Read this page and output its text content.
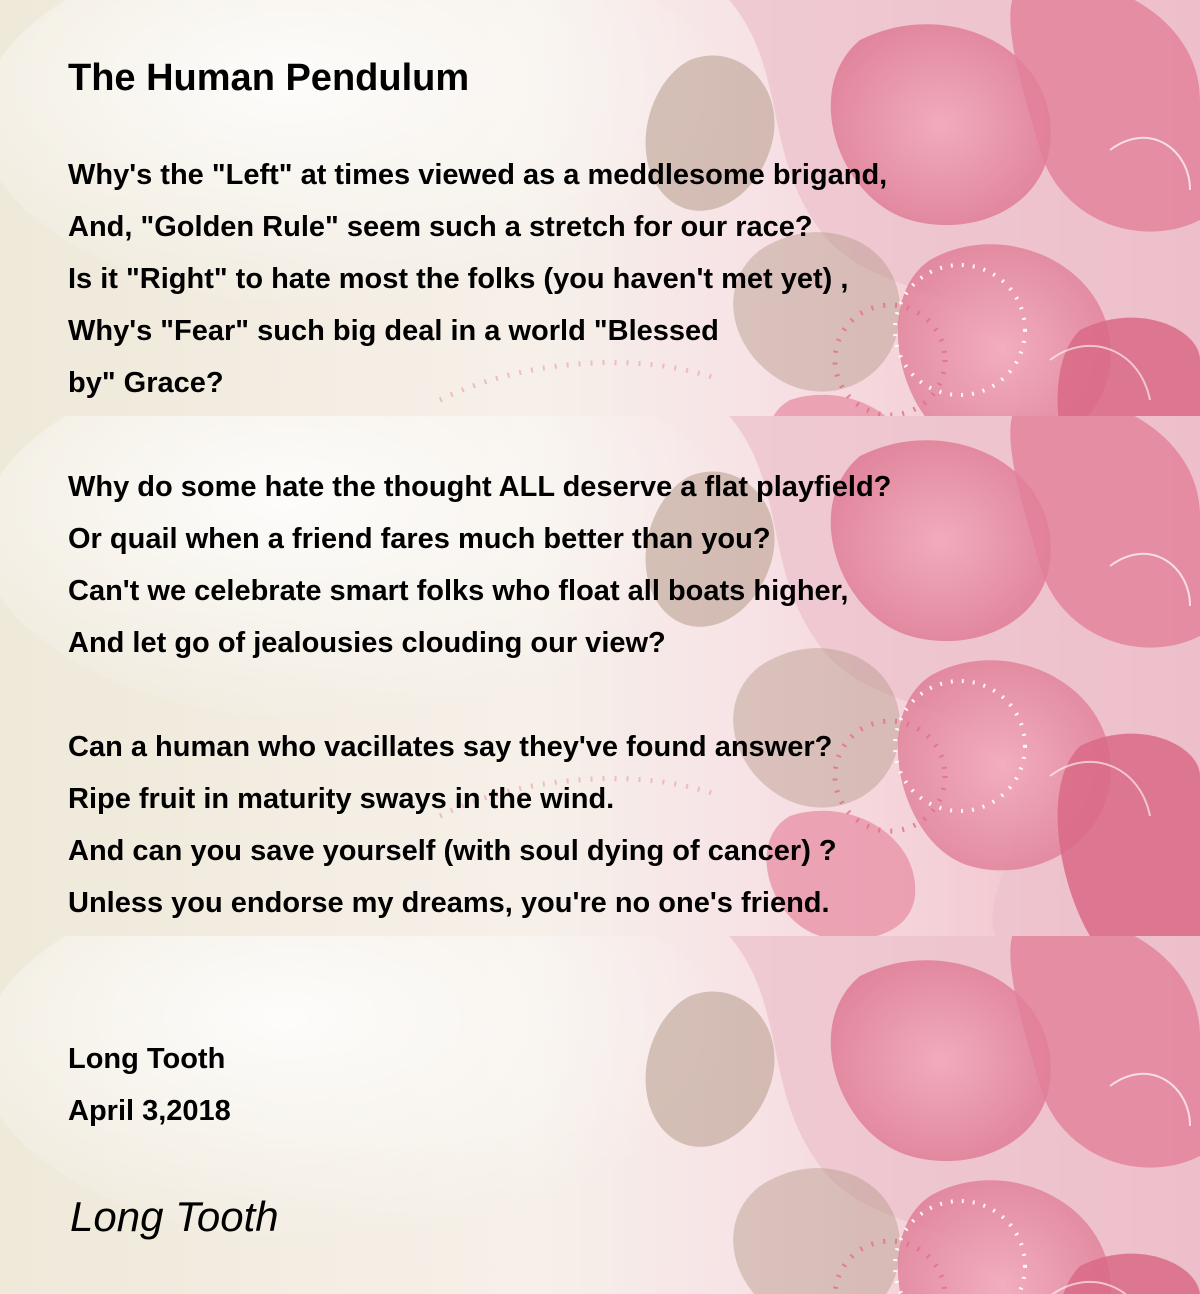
The Human Pendulum
Why's the "Left" at times viewed as a meddlesome brigand,
And, "Golden Rule" seem such a stretch for our race?
Is it "Right" to hate most the folks (you haven't met yet) ,
Why's "Fear" such big deal in a world "Blessed
by" Grace?
Why do some hate the thought ALL deserve a flat playfield?
Or quail when a friend fares much better than you?
Can't we celebrate smart folks who float all boats higher,
And let go of jealousies clouding our view?
Can a human who vacillates say they've found answer?
Ripe fruit in maturity sways in the wind.
And can you save yourself (with soul dying of cancer) ?
Unless you endorse my dreams, you're no one's friend.
Long Tooth
April 3,2018
Long Tooth
